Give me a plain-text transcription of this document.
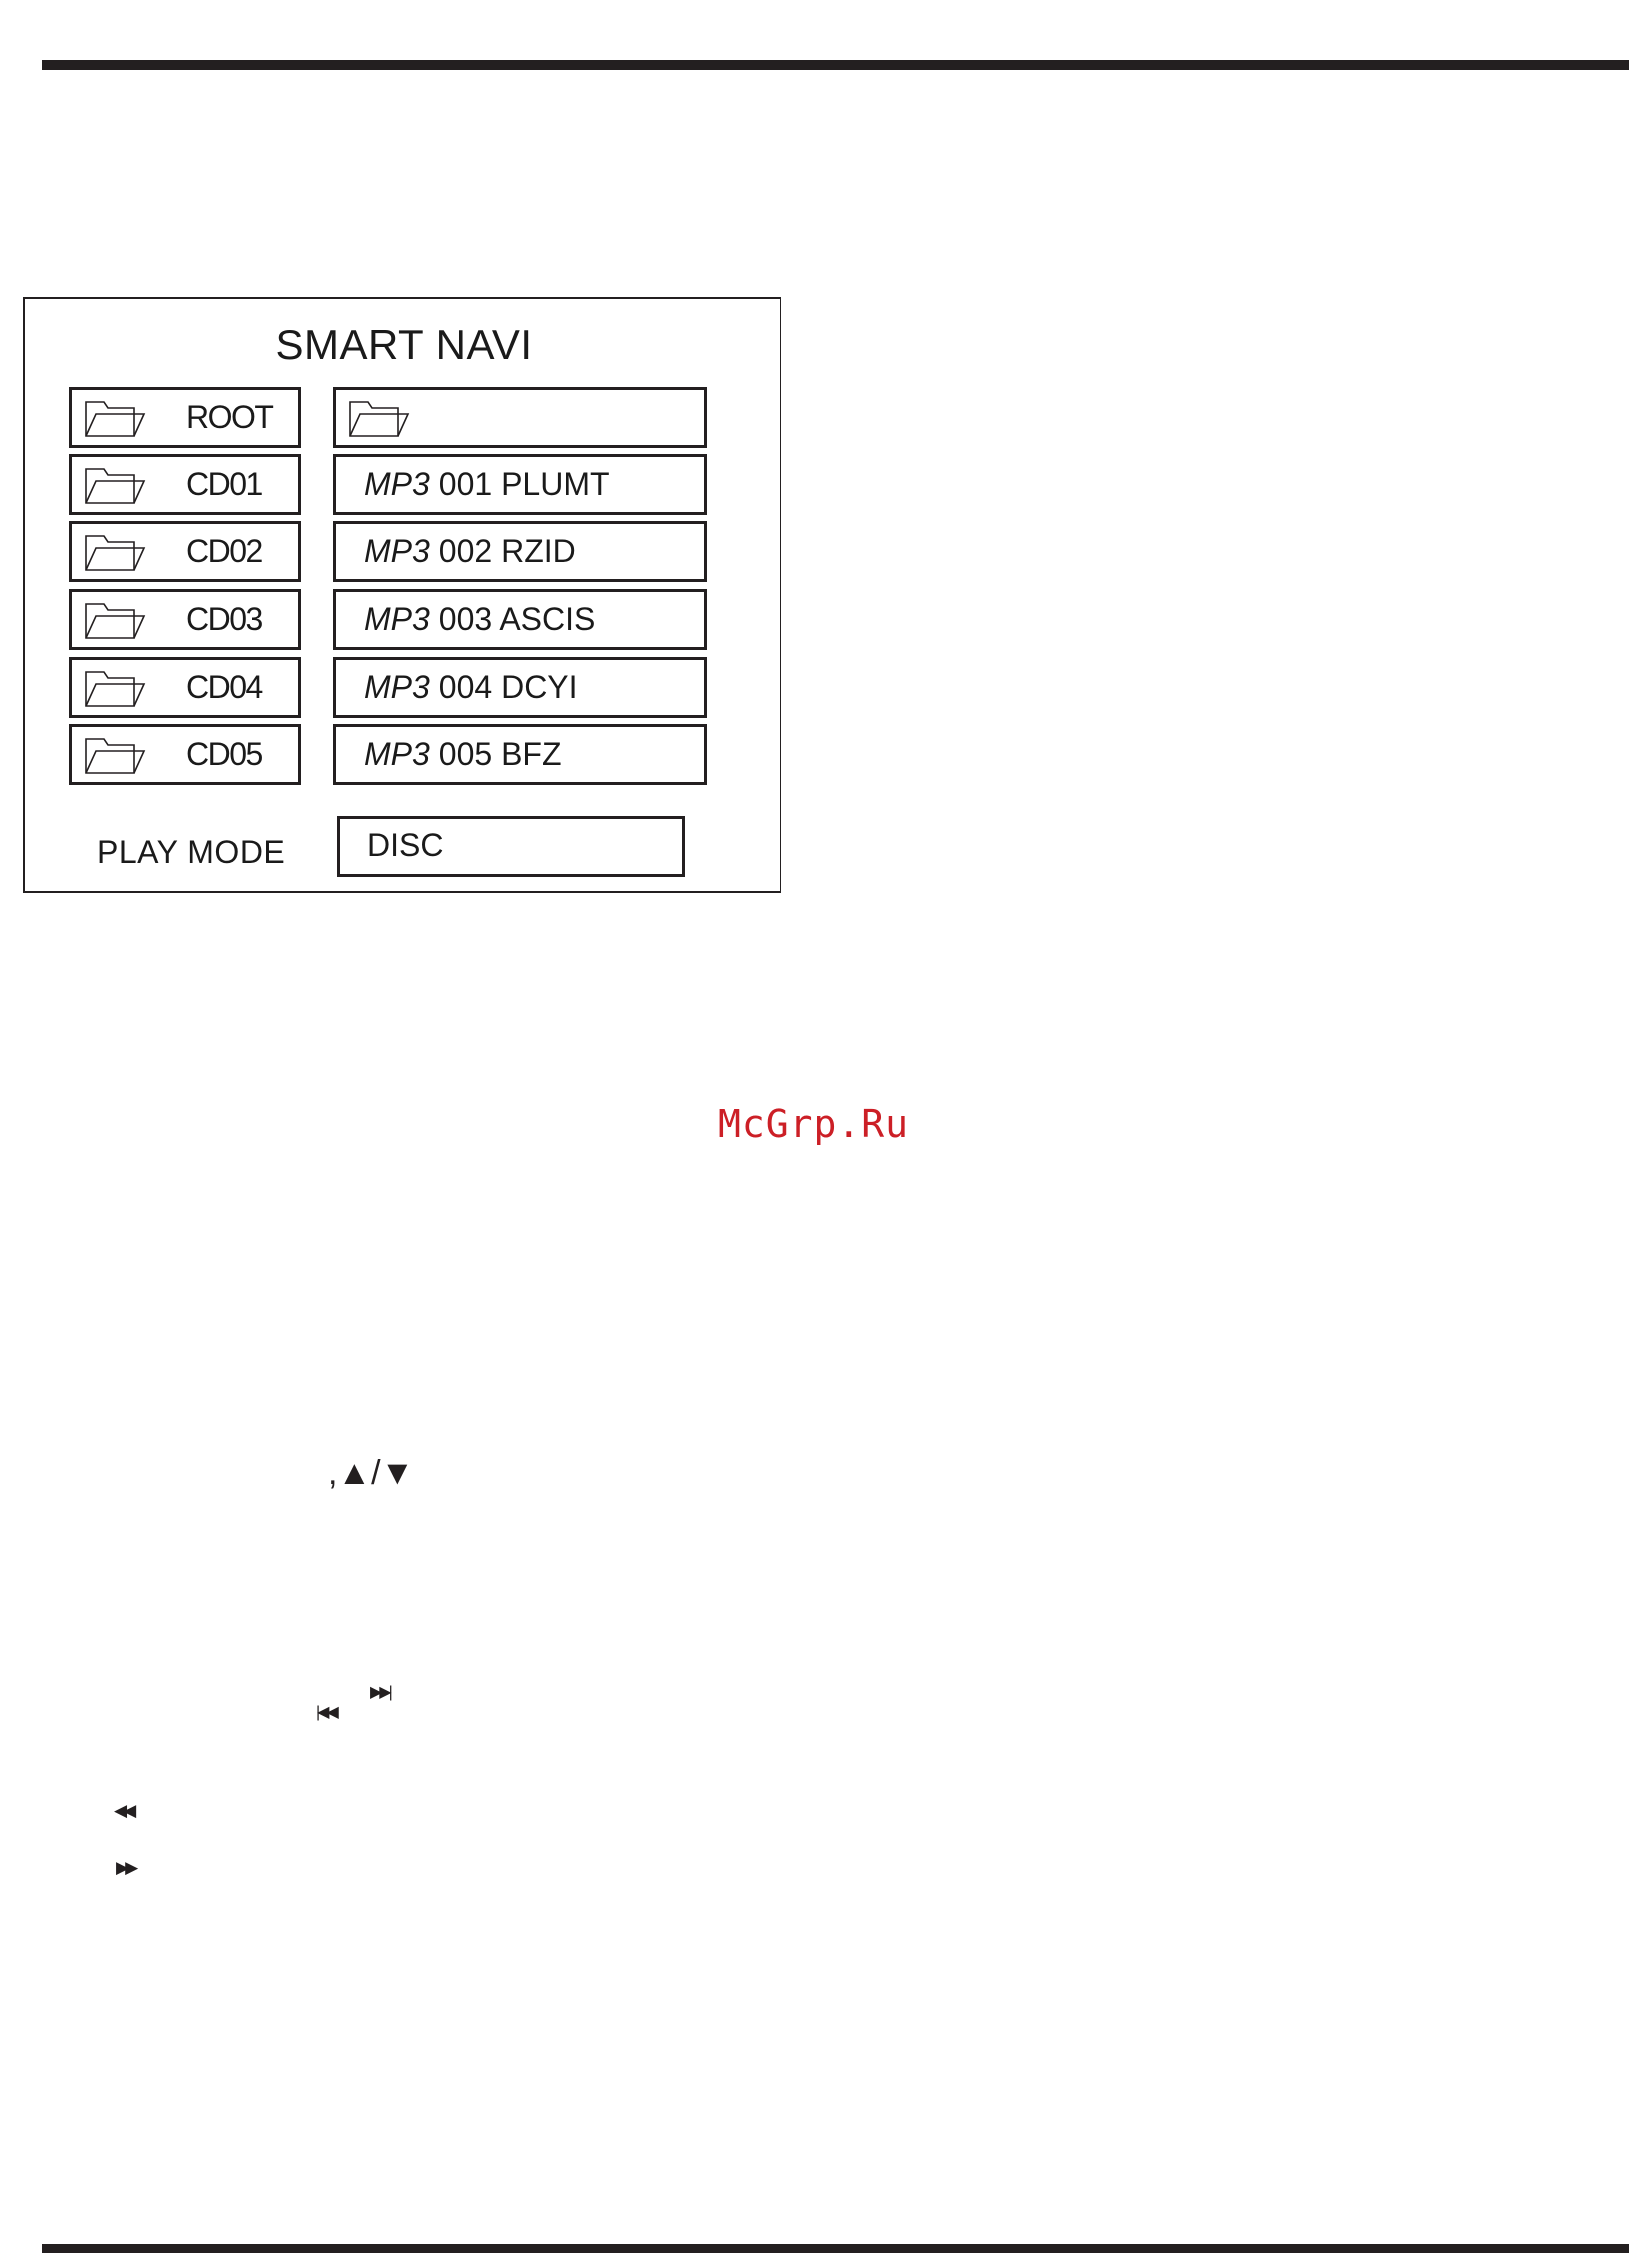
SMART NAVI
ROOT
CD01
CD02
CD03
CD04
CD05
MP3 001 PLUMT
MP3 002 RZID
MP3 003 ASCIS
MP3 004 DCYI
MP3 005 BFZ
PLAY MODE	DISC
McGrp.Ru
,▲/▼
|◀◀
▶▶|
◀◀
▶▶
